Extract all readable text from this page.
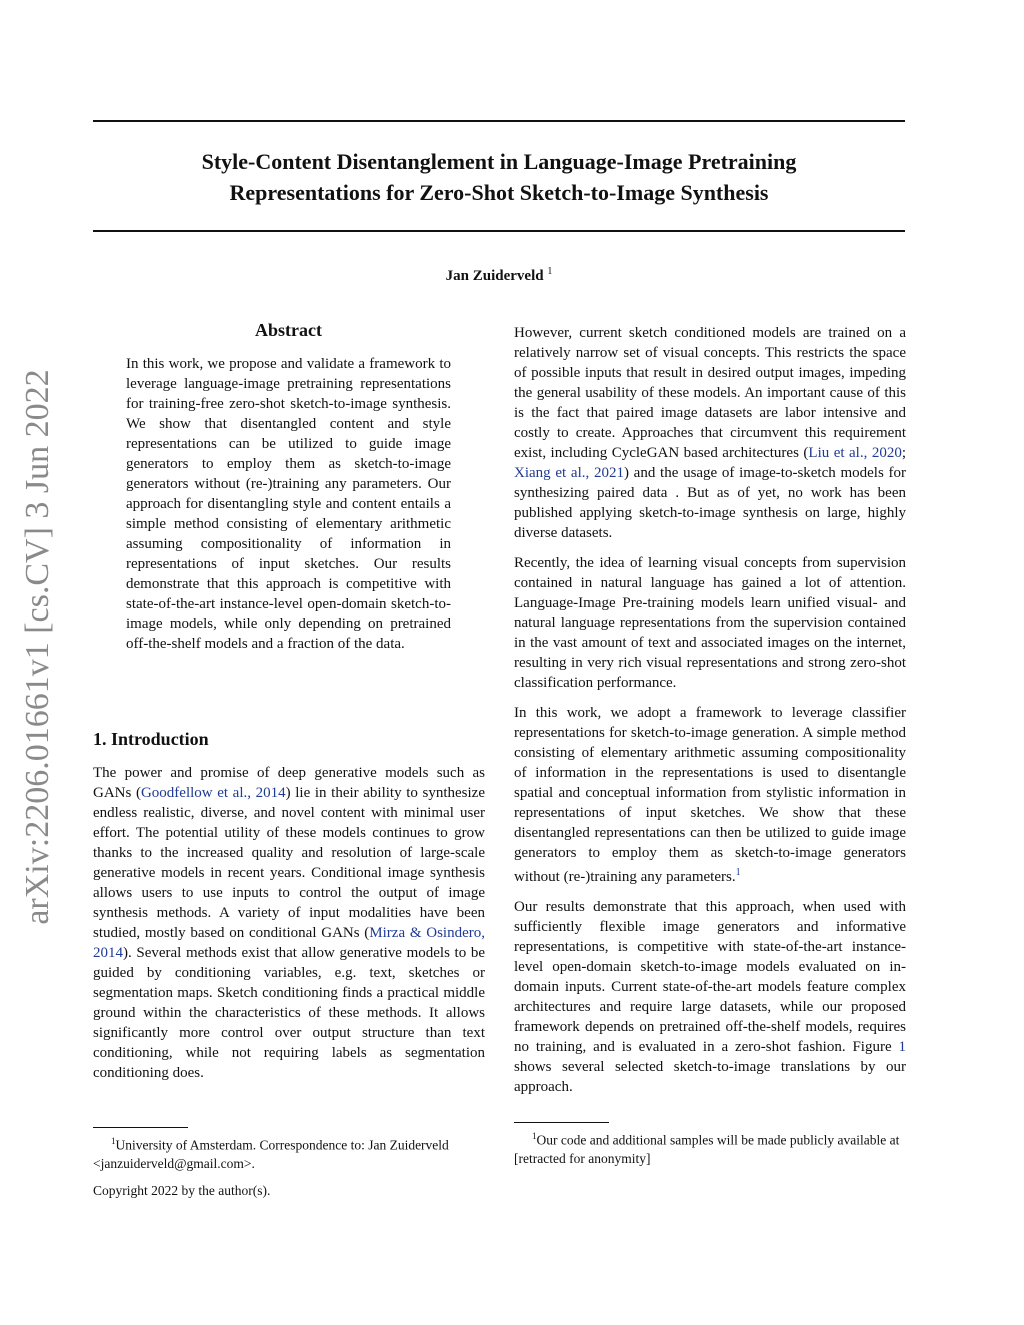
arXiv:2206.01661v1 [cs.CV] 3 Jun 2022
Style-Content Disentanglement in Language-Image Pretraining
Representations for Zero-Shot Sketch-to-Image Synthesis
Jan Zuiderveld $^1$
Abstract

In this work, we propose and validate a framework to leverage language-image pretraining representations for training-free zero-shot sketch-to-image synthesis. We show that disentangled content and style representations can be utilized to guide image generators to employ them as sketch-to-image generators without (re-)training any parameters. Our approach for disentangling style and content entails a simple method consisting of elementary arithmetic assuming compositionality of information in representations of input sketches. Our results demonstrate that this approach is competitive with state-of-the-art instance-level open-domain sketch-to-image models, while only depending on pretrained off-the-shelf models and a fraction of the data.

1. Introduction

The power and promise of deep generative models such as GANs (Goodfellow et al., 2014) lie in their ability to synthesize endless realistic, diverse, and novel content with minimal user effort. The potential utility of these models continues to grow thanks to the increased quality and resolution of large-scale generative models in recent years. Conditional image synthesis allows users to use inputs to control the output of image synthesis methods. A variety of input modalities have been studied, mostly based on conditional GANs (Mirza & Osindero, 2014). Several methods exist that allow generative models to be guided by conditioning variables, e.g. text, sketches or segmentation maps. Sketch conditioning finds a practical middle ground within the characteristics of these methods. It allows significantly more control over output structure than text conditioning, while not requiring labels as segmentation conditioning does.

However, current sketch conditioned models are trained on a relatively narrow set of visual concepts. This restricts the space of possible inputs that result in desired output images, impeding the general usability of these models. An important cause of this is the fact that paired image datasets are labor intensive and costly to create. Approaches that circumvent this requirement exist, including CycleGAN based architectures (Liu et al., 2020; Xiang et al., 2021) and the usage of image-to-sketch models for synthesizing paired data . But as of yet, no work has been published applying sketch-to-image synthesis on large, highly diverse datasets.

Recently, the idea of learning visual concepts from supervision contained in natural language has gained a lot of attention. Language-Image Pre-training models learn unified visual- and natural language representations from the supervision contained in the vast amount of text and associated images on the internet, resulting in very rich visual representations and strong zero-shot classification performance.

In this work, we adopt a framework to leverage classifier representations for sketch-to-image generation. A simple method consisting of elementary arithmetic assuming compositionality of information in the representations is used to disentangle spatial and conceptual information from stylistic information in representations of input sketches. We show that these disentangled representations can then be utilized to guide image generators to employ them as sketch-to-image generators without (re-)training any parameters.$^1$

Our results demonstrate that this approach, when used with sufficiently flexible image generators and informative representations, is competitive with state-of-the-art instance-level open-domain sketch-to-image models evaluated on in-domain inputs. Current state-of-the-art models feature complex architectures and require large datasets, while our proposed framework depends on pretrained off-the-shelf models, requires no training, and is evaluated in a zero-shot fashion. Figure 1 shows several selected sketch-to-image translations by our approach.

$^1$University of Amsterdam. Correspondence to: Jan Zuiderveld <janzuiderveld@gmail.com>.
Copyright 2022 by the author(s).
$^1$Our code and additional samples will be made publicly available at [retracted for anonymity]
